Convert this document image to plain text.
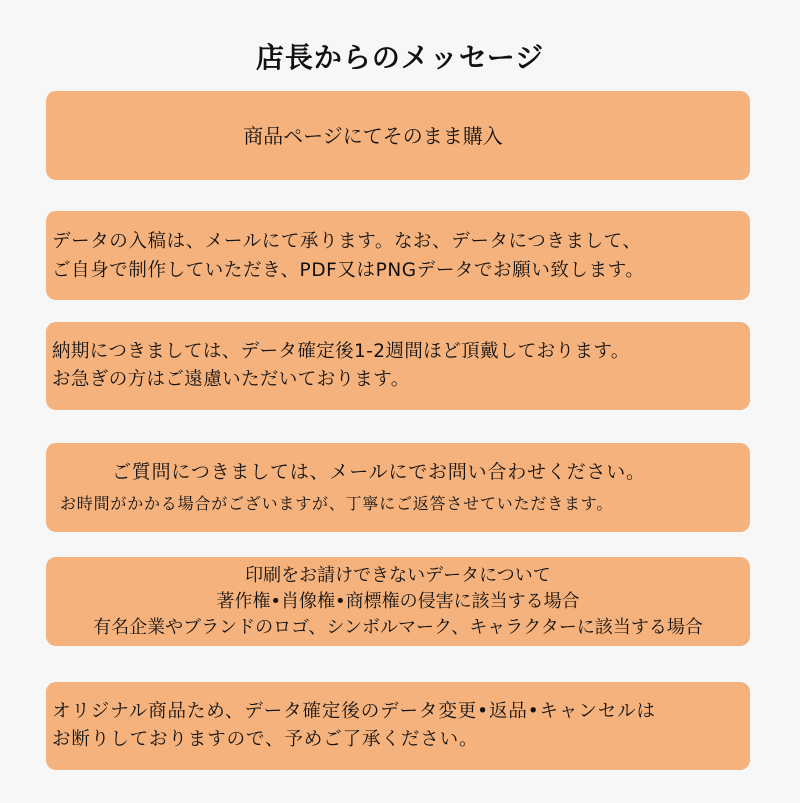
店長からのメッセージ
商品ページにてそのまま購入
データの入稿は、メールにて承ります。なお、データにつきまして、
ご自身で制作していただき、PDF又はPNGデータでお願い致します。
納期につきましては、データ確定後1-2週間ほど頂戴しております。
お急ぎの方はご遠慮いただいております。
ご質問につきましては、メールにでお問い合わせください。
お時間がかかる場合がございますが、丁寧にご返答させていただきます。
印刷をお請けできないデータについて
著作権•肖像権•商標権の侵害に該当する場合
有名企業やブランドのロゴ、シンボルマーク、キャラクターに該当する場合
オリジナル商品ため、データ確定後のデータ変更•返品•キャンセルは
お断りしておりますので、予めご了承ください。
